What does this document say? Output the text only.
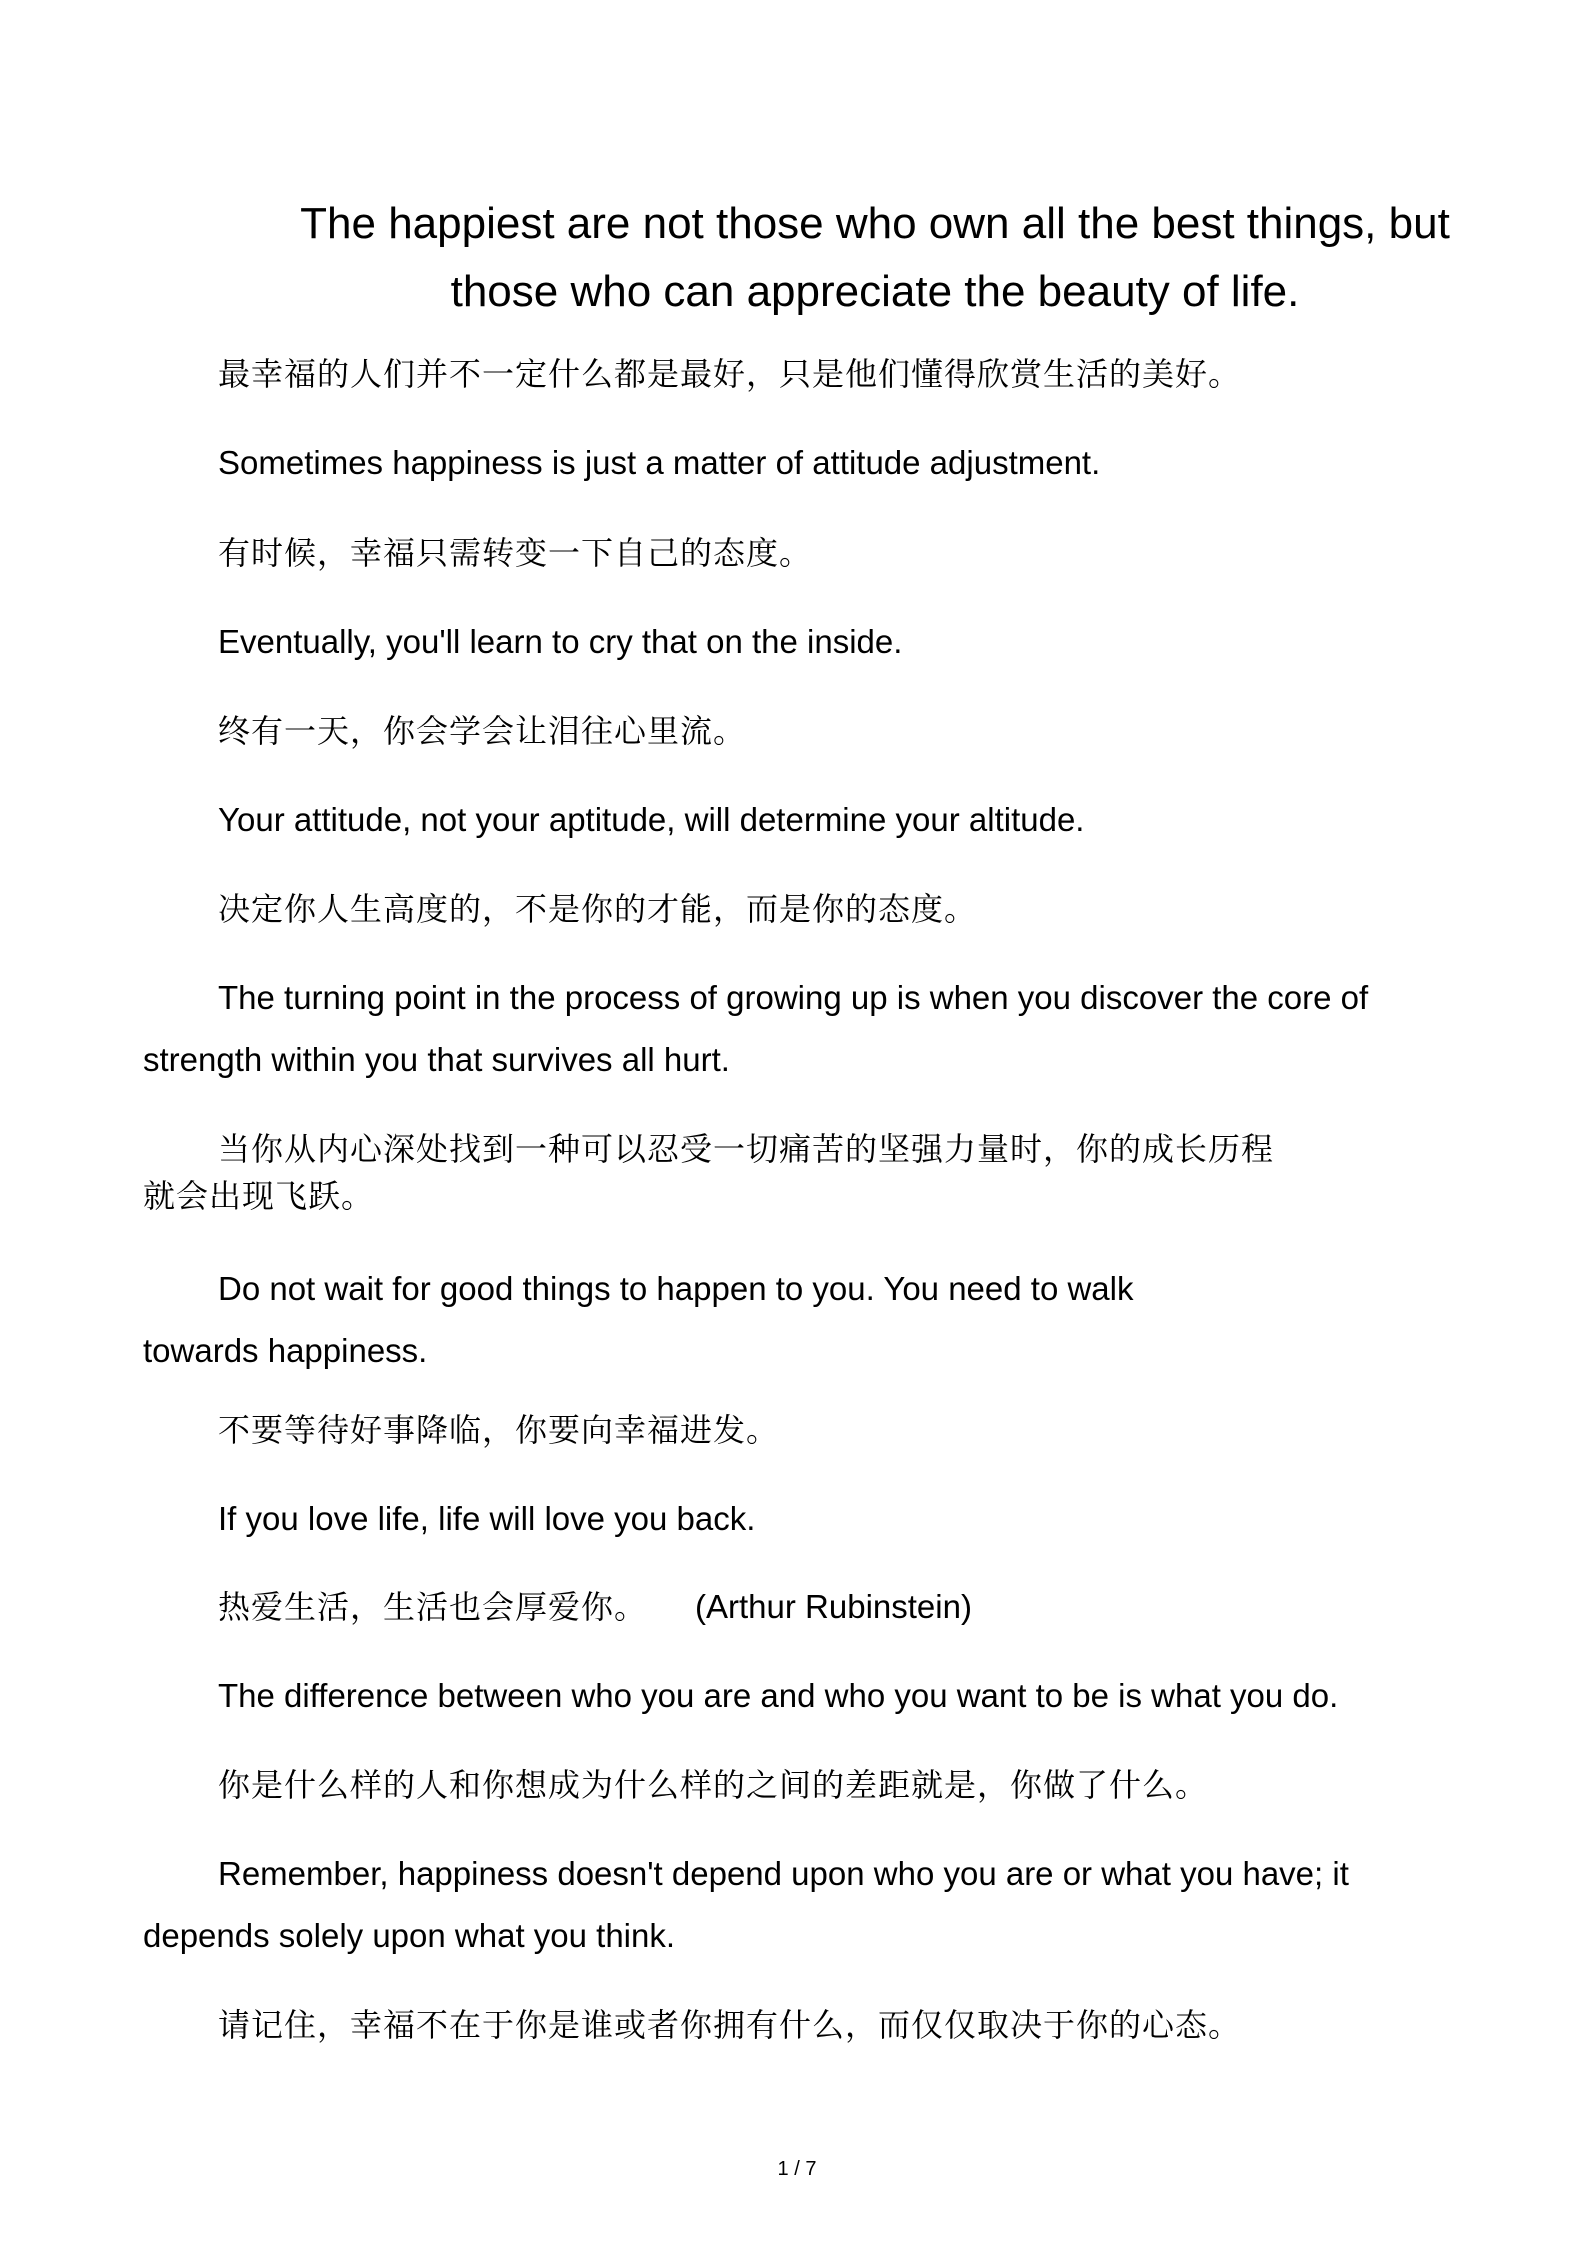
The happiest are not those who own all the best things, but those who can appreciate the beauty of life.

最幸福的人们并不一定什么都是最好，只是他们懂得欣赏生活的美好。

Sometimes happiness is just a matter of attitude adjustment.

有时候，幸福只需转变一下自己的态度。

Eventually, you'll learn to cry that on the inside.

终有一天，你会学会让泪往心里流。

Your attitude, not your aptitude, will determine your altitude.

决定你人生高度的，不是你的才能，而是你的态度。

The turning point in the process of growing up is when you discover the core of

strength within you that survives all hurt.

当你从内心深处找到一种可以忍受一切痛苦的坚强力量时，你的成长历程

就会出现飞跃。

Do not wait for good things to happen to you. You need to walk

towards happiness.

不要等待好事降临，你要向幸福进发。

If you love life, life will love you back.

热爱生活，生活也会厚爱你。 (Arthur Rubinstein)

The difference between who you are and who you want to be is what you do.

你是什么样的人和你想成为什么样的之间的差距就是，你做了什么。

Remember, happiness doesn't depend upon who you are or what you have; it

depends solely upon what you think.

请记住，幸福不在于你是谁或者你拥有什么，而仅仅取决于你的心态。

1 / 7
